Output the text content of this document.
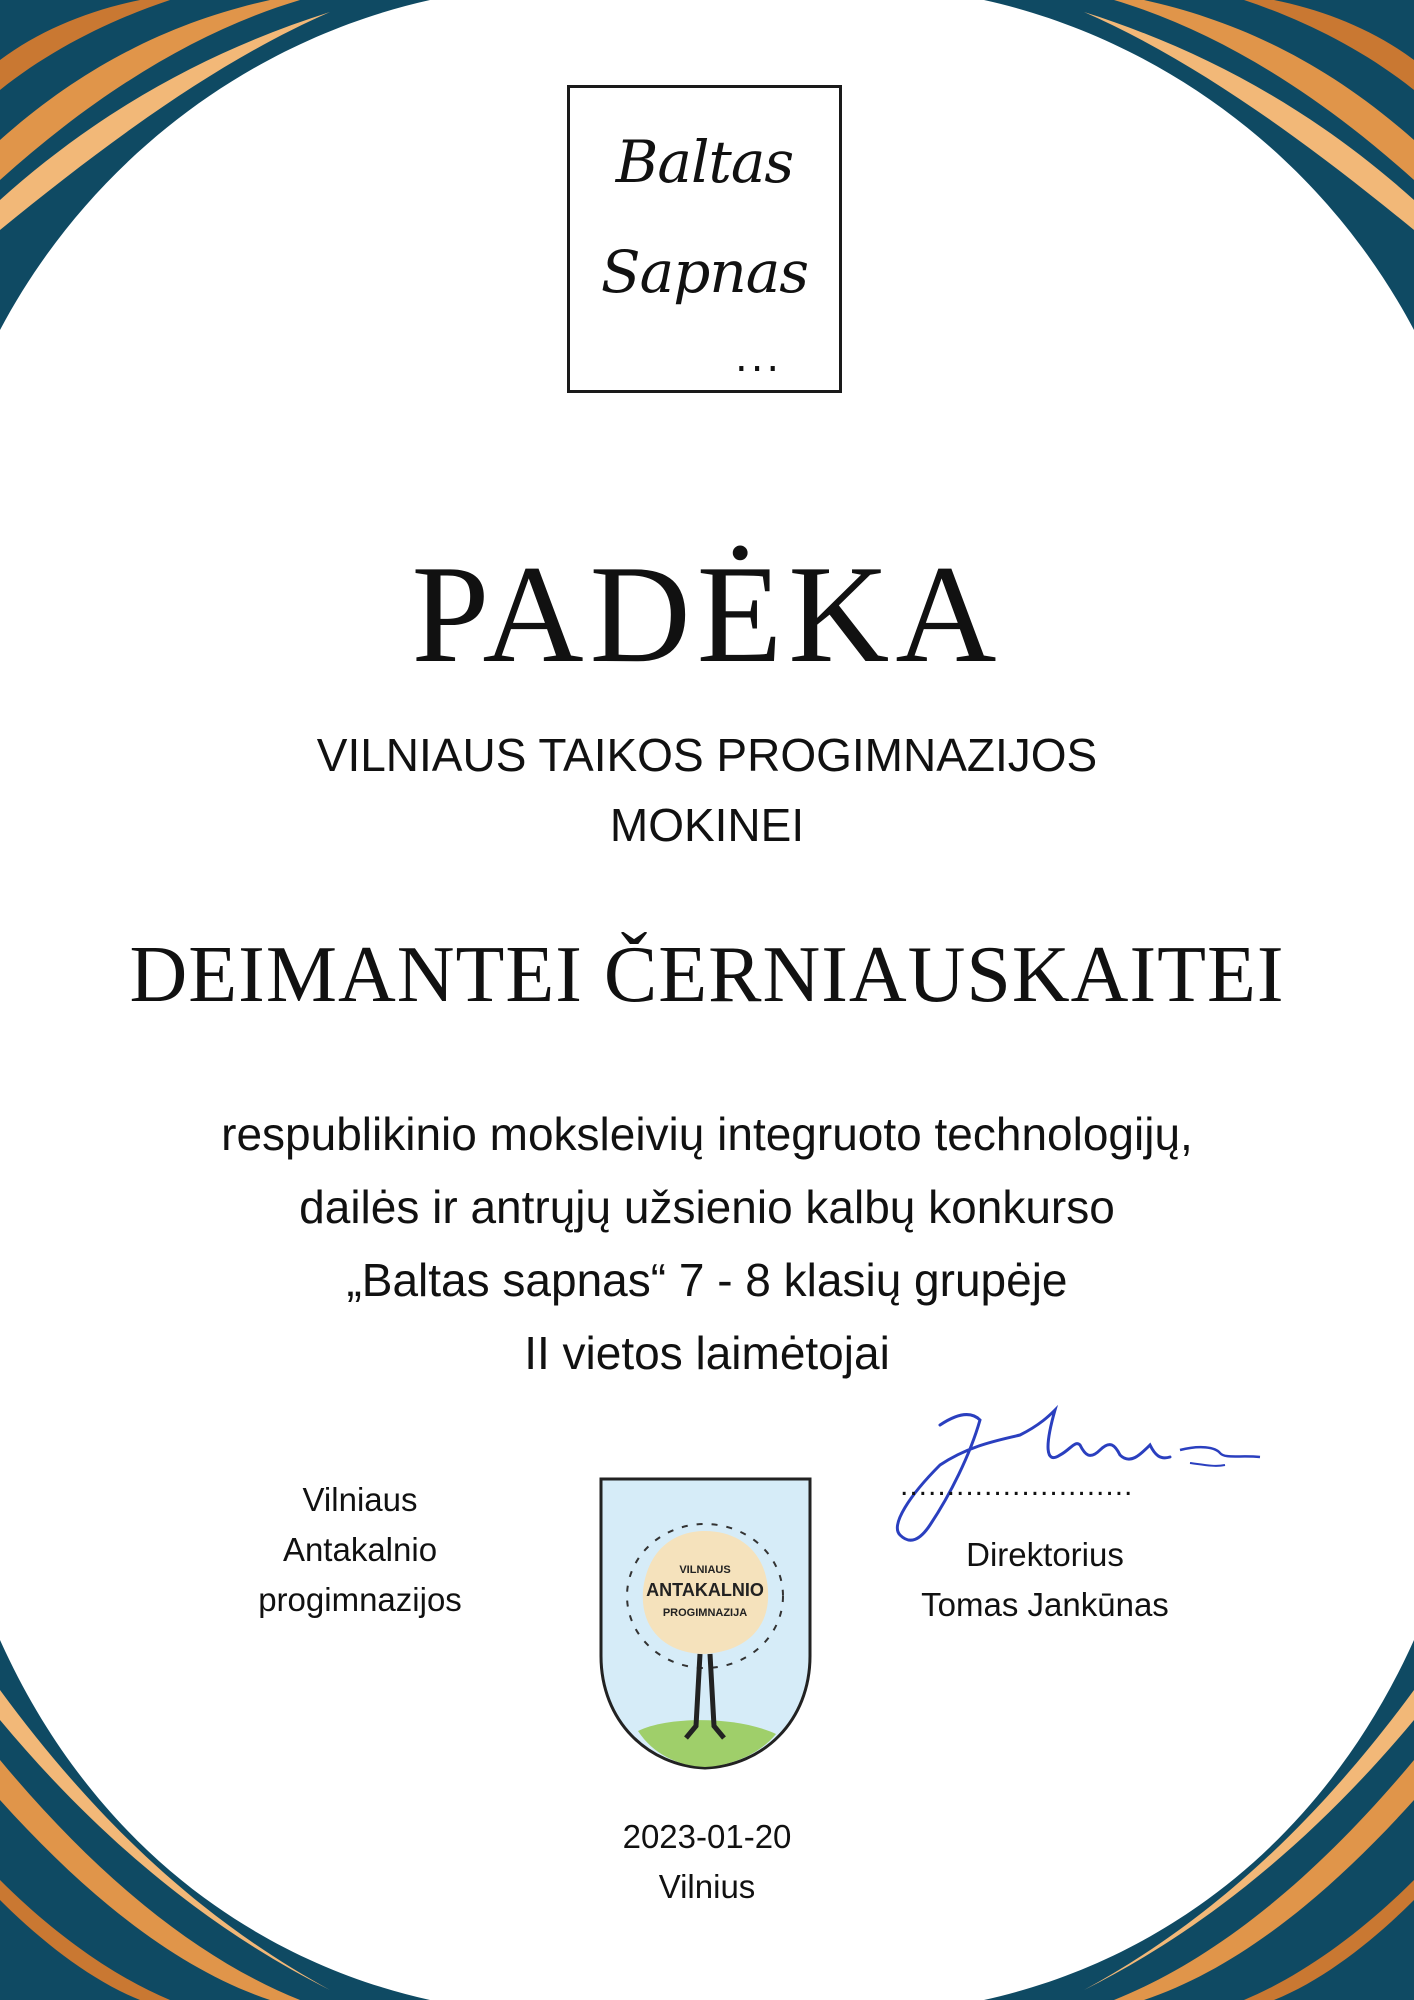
Baltas
Sapnas
...
PADĖKA
VILNIAUS TAIKOS PROGIMNAZIJOS
MOKINEI
DEIMANTEI ČERNIAUSKAITEI
respublikinio moksleivių integruoto technologijų,
dailės ir antrųjų užsienio kalbų konkurso
„Baltas sapnas“ 7 - 8 klasių grupėje
II vietos laimėtojai
Vilniaus
Antakalnio
progimnazijos
VILNIAUS
ANTAKALNIO
PROGIMNAZIJA
.........................
Direktorius
Tomas Jankūnas
2023-01-20
Vilnius
